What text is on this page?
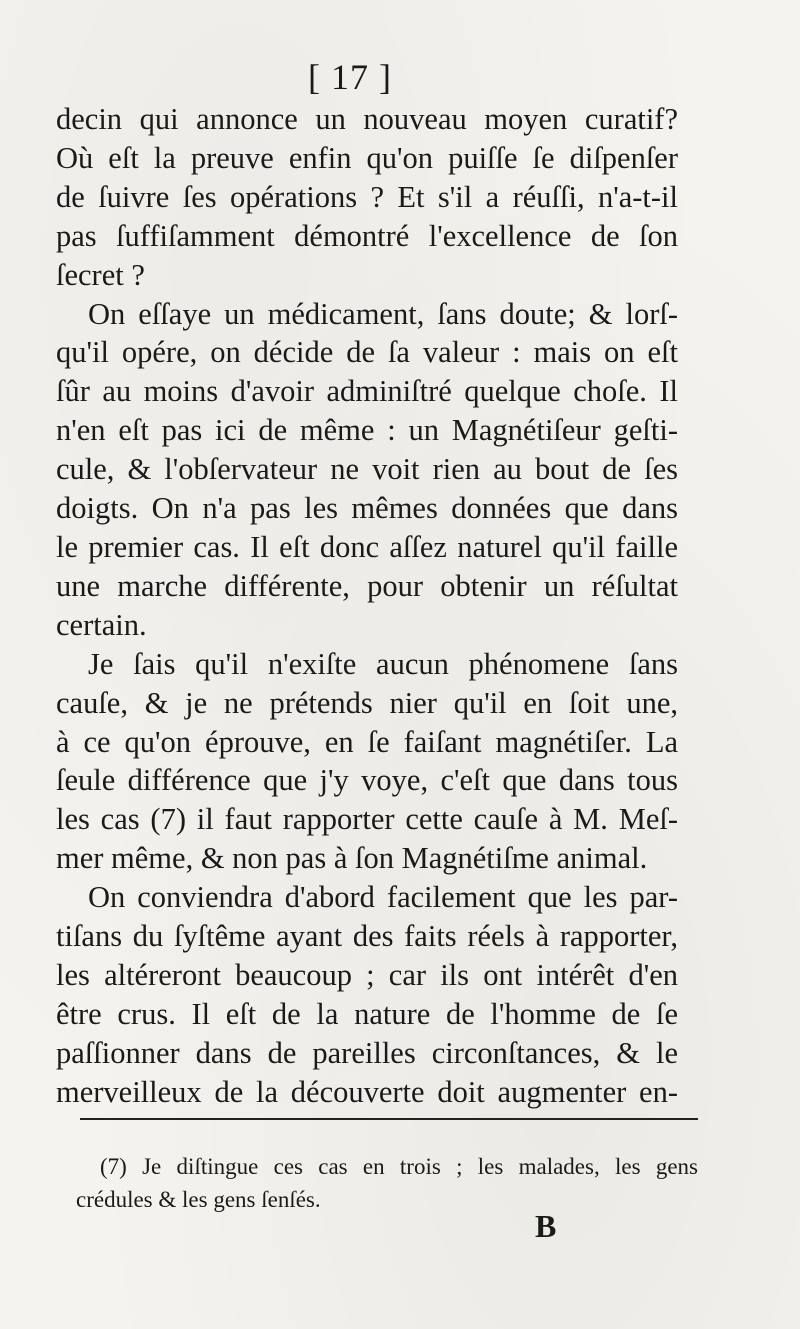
[ 17 ]
decin qui annonce un nouveau moyen curatif?
Où eſt la preuve enfin qu'on puiſſe ſe diſpenſer
de ſuivre ſes opérations ? Et s'il a réuſſi, n'a-t-il
pas ſuffiſamment démontré l'excellence de ſon
ſecret ?
On eſſaye un médicament, ſans doute; & lorſ-
qu'il opére, on décide de ſa valeur : mais on eſt
ſûr au moins d'avoir adminiſtré quelque choſe. Il
n'en eſt pas ici de même : un Magnétiſeur geſti-
cule, & l'obſervateur ne voit rien au bout de ſes
doigts. On n'a pas les mêmes données que dans
le premier cas. Il eſt donc aſſez naturel qu'il faille
une marche différente, pour obtenir un réſultat
certain.
Je ſais qu'il n'exiſte aucun phénomene ſans
cauſe, & je ne prétends nier qu'il en ſoit une,
à ce qu'on éprouve, en ſe faiſant magnétiſer. La
ſeule différence que j'y voye, c'eſt que dans tous
les cas (7) il faut rapporter cette cauſe à M. Meſ-
mer même, & non pas à ſon Magnétiſme animal.
On conviendra d'abord facilement que les par-
tiſans du ſyſtême ayant des faits réels à rapporter,
les altéreront beaucoup ; car ils ont intérêt d'en
être crus. Il eſt de la nature de l'homme de ſe
paſſionner dans de pareilles circonſtances, & le
merveilleux de la découverte doit augmenter en-
(7) Je diſtingue ces cas en trois ; les malades, les gens
crédules & les gens ſenſés.
B
